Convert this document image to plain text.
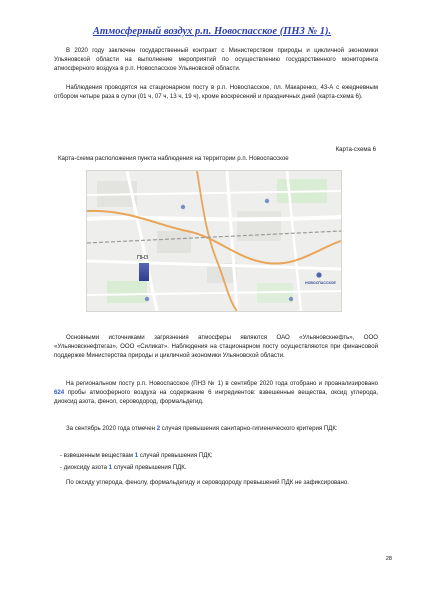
Атмосферный воздух р.п. Новоспасское (ПНЗ № 1).
В 2020 году заключен государственный контракт с Министерством природы и цикличной экономики Ульяновской области на выполнение мероприятий по осуществлению государственного мониторинга атмосферного воздуха в р.п. Новоспасское Ульяновской области.
Наблюдения проводятся на стационарном посту в р.п. Новоспасское, пл. Макаренко, 43-А с ежедневным отбором четыре раза в сутки (01 ч, 07 ч, 13 ч, 19 ч), кроме воскресений и праздничных дней (карта-схема 6).
Карта-схема 6
Карта-схема расположения пункта наблюдения на территории р.п. Новоспасское
ПНЗ
НОВОСПАССКОЕ
Основными источниками загрязнения атмосферы являются ОАО «Ульяновскнефть», ООО «Ульяновскнефтегаз», ООО «Силикат». Наблюдения на стационарном посту осуществляются при финансовой поддержке Министерства природы и цикличной экономики Ульяновской области.
На региональном посту р.п. Новоспасское (ПНЗ № 1) в сентябре 2020 года отобрано и проанализировано 624 пробы атмосферного воздуха на содержание 6 ингредиентов: взвешенные вещества, оксид углерода, диоксид азота, фенол, сероводород, формальдегид.
За сентябрь 2020 года отмечен 2 случая превышения санитарно-гигиенического критерия ПДК:
- взвешенным веществам 1 случай превышения ПДК;
- диоксиду азота 1 случай превышения ПДК.
По оксиду углерода, фенолу, формальдегиду и сероводороду превышений ПДК не зафиксировано.
28
